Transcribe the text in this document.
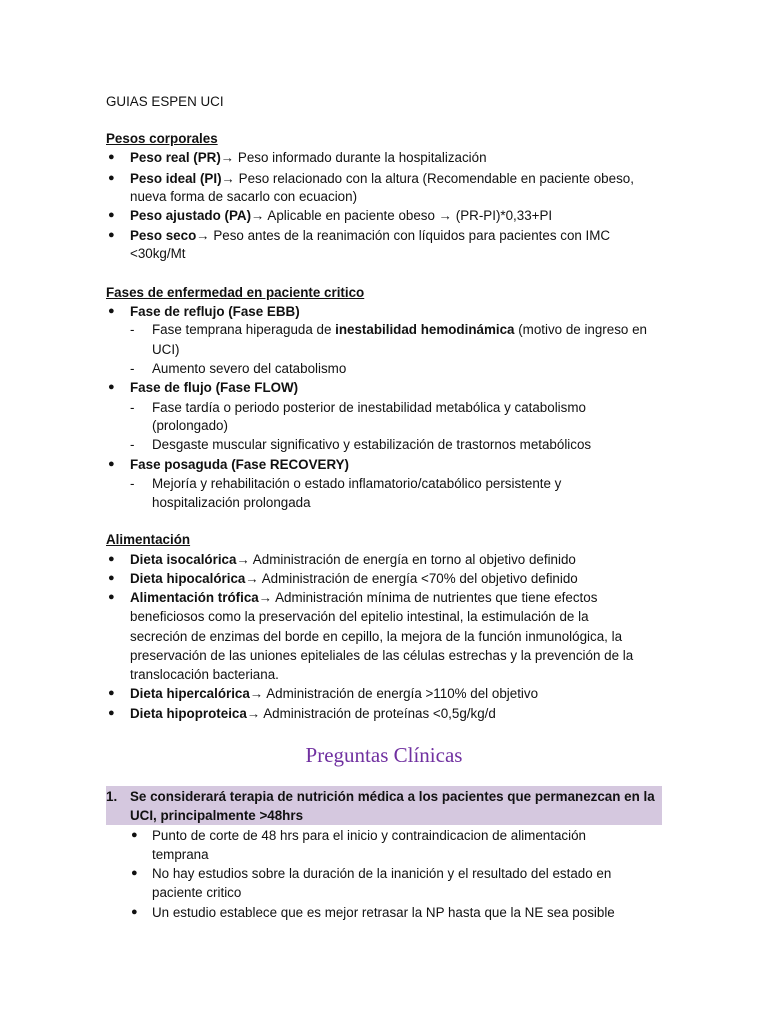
GUIAS ESPEN UCI
Pesos corporales
● Peso real (PR)→ Peso informado durante la hospitalización
● Peso ideal (PI)→ Peso relacionado con la altura (Recomendable en paciente obeso,
nueva forma de sacarlo con ecuacion)
● Peso ajustado (PA)→ Aplicable en paciente obeso → (PR-PI)*0,33+PI
● Peso seco→ Peso antes de la reanimación con líquidos para pacientes con IMC
<30kg/Mt
Fases de enfermedad en paciente critico
● Fase de reflujo (Fase EBB)
- Fase temprana hiperaguda de inestabilidad hemodinámica (motivo de ingreso en
UCI)
- Aumento severo del catabolismo
● Fase de flujo (Fase FLOW)
- Fase tardía o periodo posterior de inestabilidad metabólica y catabolismo
(prolongado)
- Desgaste muscular significativo y estabilización de trastornos metabólicos
● Fase posaguda (Fase RECOVERY)
- Mejoría y rehabilitación o estado inflamatorio/catabólico persistente y
hospitalización prolongada
Alimentación
● Dieta isocalórica→ Administración de energía en torno al objetivo definido
● Dieta hipocalórica→ Administración de energía <70% del objetivo definido
● Alimentación trófica→ Administración mínima de nutrientes que tiene efectos
beneficiosos como la preservación del epitelio intestinal, la estimulación de la
secreción de enzimas del borde en cepillo, la mejora de la función inmunológica, la
preservación de las uniones epiteliales de las células estrechas y la prevención de la
translocación bacteriana.
● Dieta hipercalórica→ Administración de energía >110% del objetivo
● Dieta hipoproteica→ Administración de proteínas <0,5g/kg/d
Preguntas Clínicas
1. Se considerará terapia de nutrición médica a los pacientes que permanezcan en la
UCI, principalmente >48hrs
● Punto de corte de 48 hrs para el inicio y contraindicacion de alimentación
temprana
● No hay estudios sobre la duración de la inanición y el resultado del estado en
paciente critico
● Un estudio establece que es mejor retrasar la NP hasta que la NE sea posible
